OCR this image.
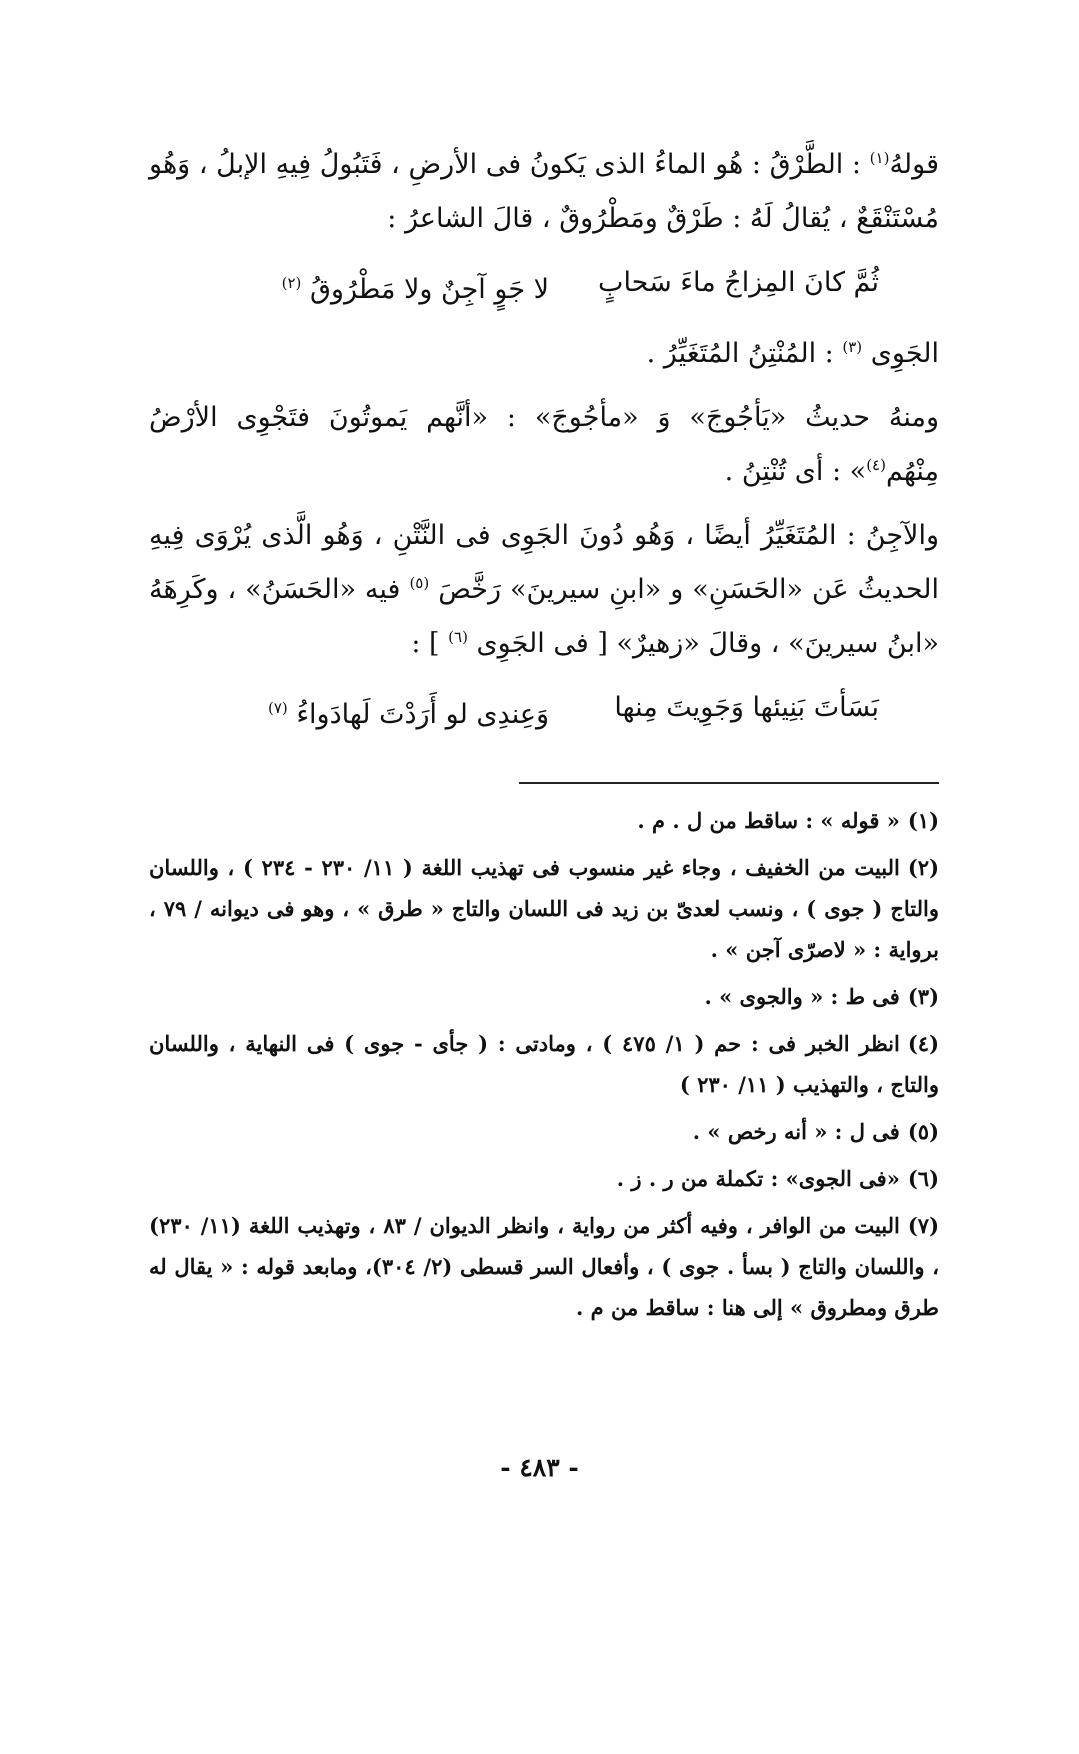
قولهُ$^{(١)}$ : الطَّرْقُ : هُو الماءُ الذى يَكونُ فى الأرضِ ، فَتَبُولُ فِيهِ الإبلُ ، وَهُو مُسْتَنْقَعٌ ، يُقالُ لَهُ : طَرْقٌ ومَطْرُوقٌ ، قالَ الشاعرُ :

ثُمَّ كانَ المِزاجُ ماءَ سَحابٍ
لا جَوٍ آجِنٌ ولا مَطْرُوقُ $^{(٢)}$

الجَوِى $^{(٣)}$ : المُنْتِنُ المُتَغَيِّرُ .

ومنهُ حديثُ «يَأجُوجَ» وَ «مأجُوجَ» : «أنَّهم يَموتُونَ فتَجْوِى الأرْضُ مِنْهُم$^{(٤)}$» : أى تُنْتِنُ .

والآجِنُ : المُتَغَيِّرُ أيضًا ، وَهُو دُونَ الجَوِى فى النَّتْنِ ، وَهُو الَّذى يُرْوَى فِيهِ الحديثُ عَن «الحَسَنِ» و «ابنِ سيرينَ» رَخَّصَ $^{(٥)}$ فيه «الحَسَنُ» ، وكَرِهَهُ «ابنُ سيرينَ» ، وقالَ «زهيرٌ» [ فى الجَوِى $^{(٦)}$ ] :

بَسَأتَ بَنِيئها وَجَوِيتَ مِنها
وَعِندِى لو أَرَدْتَ لَهادَواءُ $^{(٧)}$

(١)« قوله » : ساقط من ل . م .

(٢)البيت من الخفيف ، وجاء غير منسوب فى تهذيب اللغة ( ١١/ ٢٣٠ - ٢٣٤ ) ، واللسان والتاج ( جوى ) ، ونسب لعدىّ بن زيد فى اللسان والتاج « طرق » ، وهو فى ديوانه / ٧٩ ، برواية : « لاصرّى آجن » .

(٣)فى ط : « والجوى » .

(٤)انظر الخبر فى : حم ( ١/ ٤٧٥ ) ، ومادتى : ( جأى - جوى ) فى النهاية ، واللسان والتاج ، والتهذيب ( ١١/ ٢٣٠ )

(٥)فى ل : « أنه رخص » .

(٦)«فى الجوى» : تكملة من ر . ز .

(٧)البيت من الوافر ، وفيه أكثر من رواية ، وانظر الديوان / ٨٣ ، وتهذيب اللغة (١١/ ٢٣٠) ، واللسان والتاج ( بسأ . جوى ) ، وأفعال السر قسطى (٢/ ٣٠٤)، ومابعد قوله : « يقال له طرق ومطروق » إلى هنا : ساقط من م .

- ٤٨٣ -
